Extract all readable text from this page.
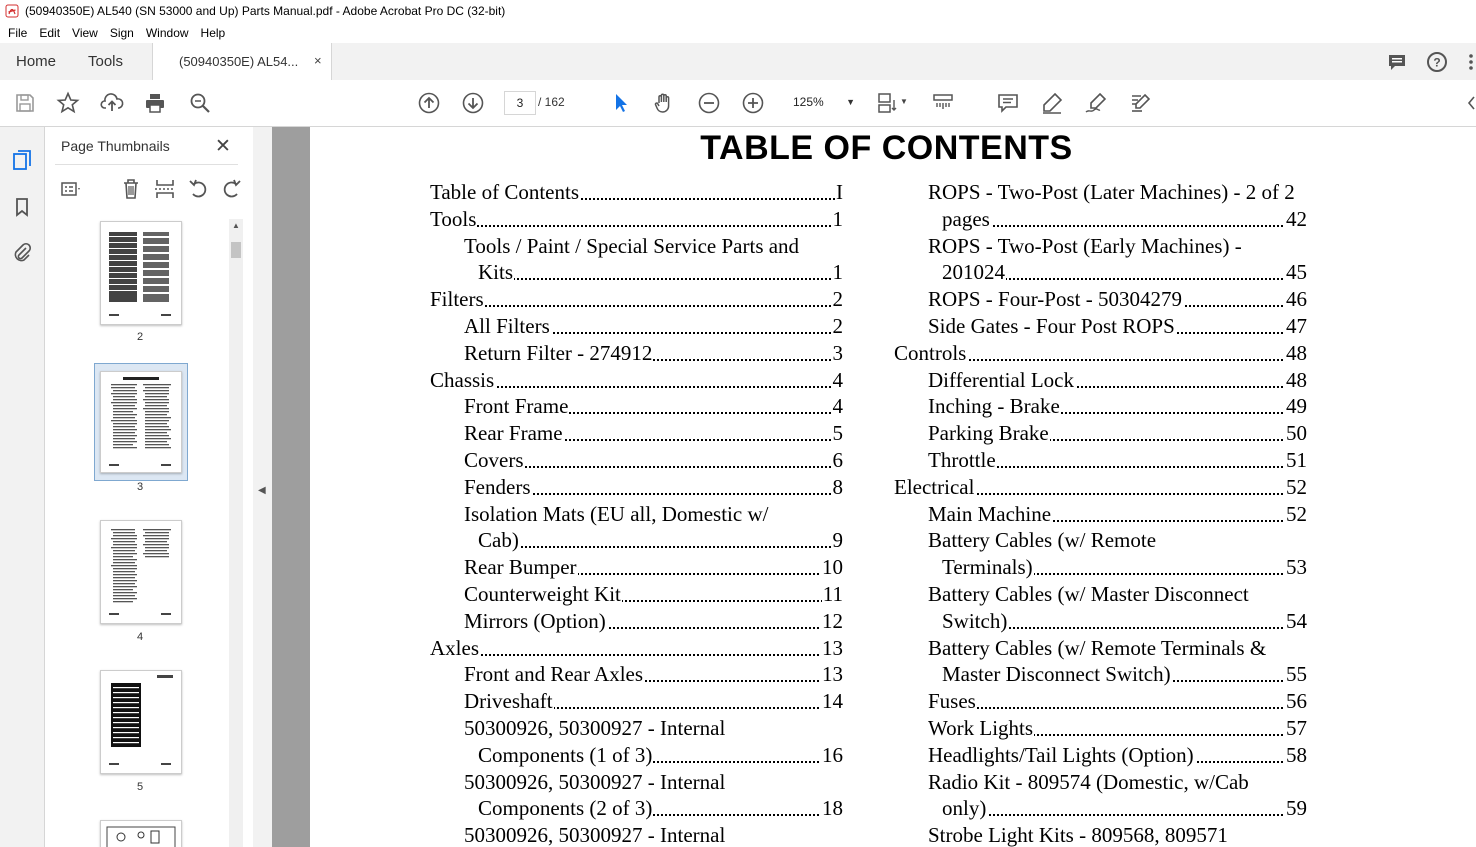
(50940350E) AL540 (SN 53000 and Up) Parts Manual.pdf - Adobe Acrobat Pro DC (32-bit)
File Edit View Sign Window Help
Home Tools	(50940350E) AL54... ×	?
3	/ 162	125% ▼	▼
Page Thumbnails ✕
2
3
4
5
▲
◀
TABLE OF CONTENTS
Table of Contents	I
Tools	1
Tools / Paint / Special Service Parts and
Kits	1
Filters	2
All Filters	2
Return Filter - 274912	3
Chassis	4
Front Frame	4
Rear Frame	5
Covers	6
Fenders	8
Isolation Mats (EU all, Domestic w/
Cab)	9
Rear Bumper	10
Counterweight Kit	11
Mirrors (Option)	12
Axles	13
Front and Rear Axles	13
Driveshaft	14
50300926, 50300927 - Internal
Components (1 of 3)	16
50300926, 50300927 - Internal
Components (2 of 3)	18
50300926, 50300927 - Internal
ROPS - Two-Post (Later Machines) - 2 of 2
pages	42
ROPS - Two-Post (Early Machines) -
201024	45
ROPS - Four-Post - 50304279	46
Side Gates - Four Post ROPS	47
Controls	48
Differential Lock	48
Inching - Brake	49
Parking Brake	50
Throttle	51
Electrical	52
Main Machine	52
Battery Cables (w/ Remote
Terminals)	53
Battery Cables (w/ Master Disconnect
Switch)	54
Battery Cables (w/ Remote Terminals &
Master Disconnect Switch)	55
Fuses	56
Work Lights	57
Headlights/Tail Lights (Option)	58
Radio Kit - 809574 (Domestic, w/Cab
only)	59
Strobe Light Kits - 809568, 809571
